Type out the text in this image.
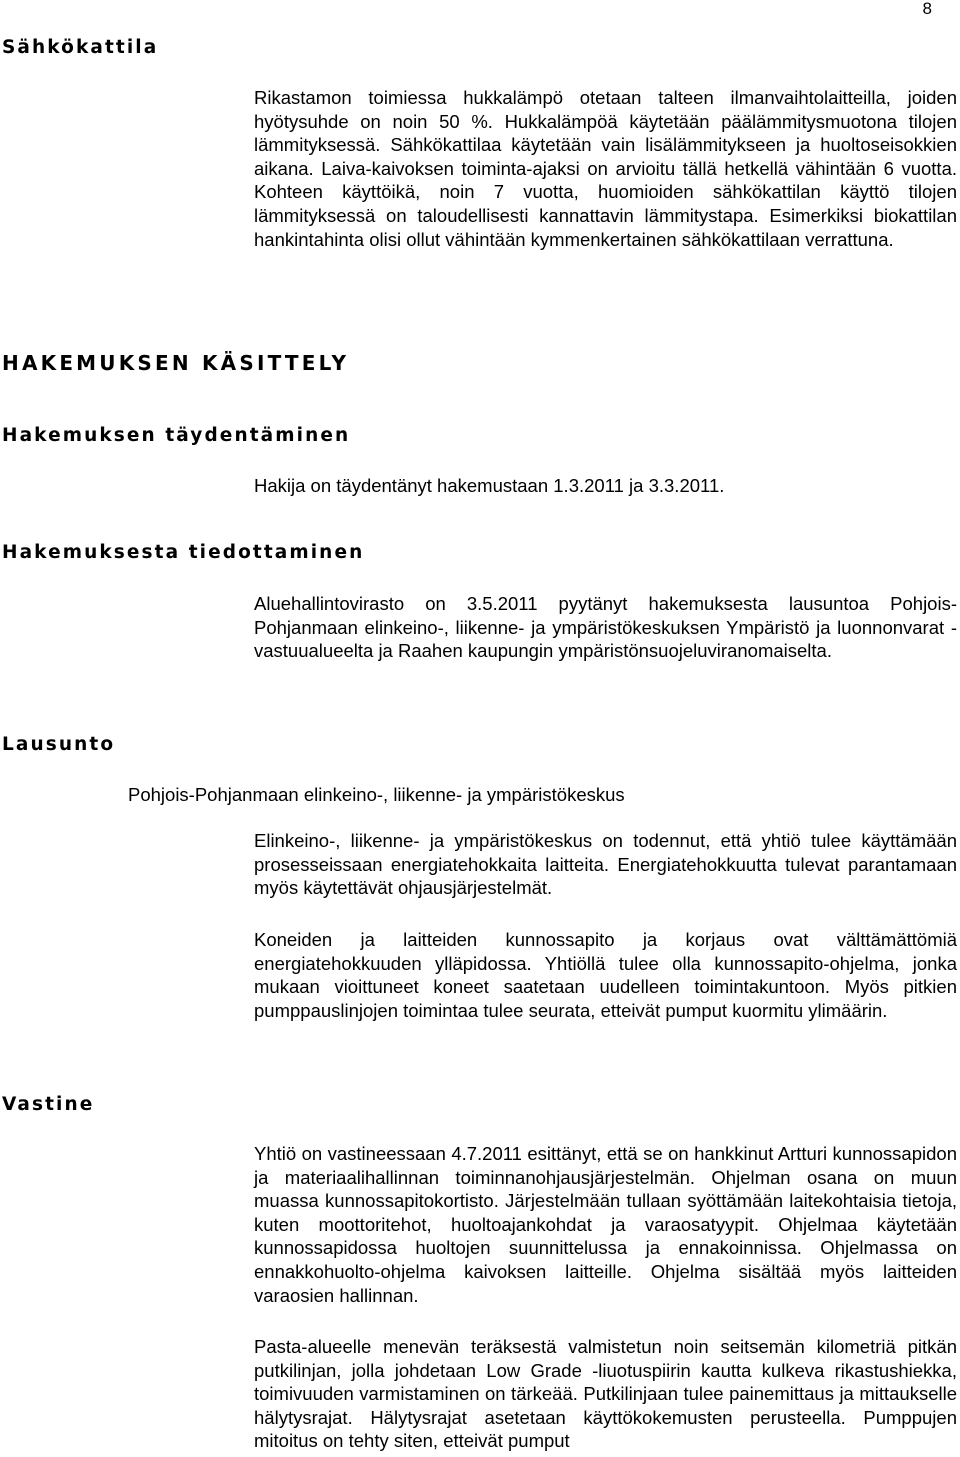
8
Sähkökattila

Rikastamon toimiessa hukkalämpö otetaan talteen ilmanvaihtolaitteilla, joiden hyötysuhde on noin 50 %. Hukkalämpöä käytetään päälämmitysmuotona tilojen lämmityksessä. Sähkökattilaa käytetään vain lisälämmitykseen ja huoltoseisokkien aikana. Laiva-kaivoksen toiminta-ajaksi on arvioitu tällä hetkellä vähintään 6 vuotta. Kohteen käyttöikä, noin 7 vuotta, huomioiden sähkökattilan käyttö tilojen lämmityksessä on taloudellisesti kannattavin lämmitystapa. Esimerkiksi biokattilan hankintahinta olisi ollut vähintään kymmenkertainen sähkökattilaan verrattuna.

HAKEMUKSEN KÄSITTELY
Hakemuksen täydentäminen

Hakija on täydentänyt hakemustaan 1.3.2011 ja 3.3.2011.

Hakemuksesta tiedottaminen

Aluehallintovirasto on 3.5.2011 pyytänyt hakemuksesta lausuntoa Pohjois-Pohjanmaan elinkeino-, liikenne- ja ympäristökeskuksen Ympäristö ja luonnonvarat -vastuualueelta ja Raahen kaupungin ympäristönsuojeluviranomaiselta.

Lausunto

Pohjois-Pohjanmaan elinkeino-, liikenne- ja ympäristökeskus

Elinkeino-, liikenne- ja ympäristökeskus on todennut, että yhtiö tulee käyttämään prosesseissaan energiatehokkaita laitteita. Energiatehokkuutta tulevat parantamaan myös käytettävät ohjausjärjestelmät.

Koneiden ja laitteiden kunnossapito ja korjaus ovat välttämättömiä energiatehokkuuden ylläpidossa. Yhtiöllä tulee olla kunnossapito-ohjelma, jonka mukaan vioittuneet koneet saatetaan uudelleen toimintakuntoon. Myös pitkien pumppauslinjojen toimintaa tulee seurata, etteivät pumput kuormitu ylimäärin.

Vastine

Yhtiö on vastineessaan 4.7.2011 esittänyt, että se on hankkinut Artturi kunnossapidon ja materiaalihallinnan toiminnanohjausjärjestelmän. Ohjelman osana on muun muassa kunnossapitokortisto. Järjestelmään tullaan syöttämään laitekohtaisia tietoja, kuten moottoritehot, huoltoajankohdat ja varaosatyypit. Ohjelmaa käytetään kunnossapidossa huoltojen suunnittelussa ja ennakoinnissa. Ohjelmassa on ennakkohuolto-ohjelma kaivoksen laitteille. Ohjelma sisältää myös laitteiden varaosien hallinnan.

Pasta-alueelle menevän teräksestä valmistetun noin seitsemän kilometriä pitkän putkilinjan, jolla johdetaan Low Grade -liuotuspiirin kautta kulkeva rikastushiekka, toimivuuden varmistaminen on tärkeää. Putkilinjaan tulee painemittaus ja mittaukselle hälytysrajat. Hälytysrajat asetetaan käyttökokemusten perusteella. Pumppujen mitoitus on tehty siten, etteivät pumput
